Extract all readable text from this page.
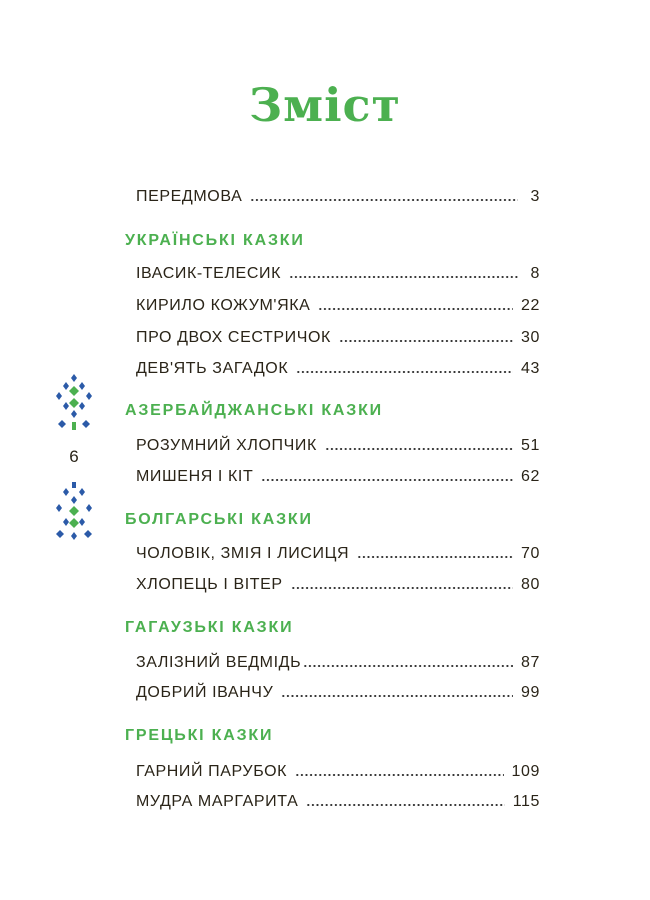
Зміст
ПЕРЕДМОВА	3
УКРАЇНСЬКІ КАЗКИ
ІВАСИК-ТЕЛЕСИК	8
КИРИЛО КОЖУМ'ЯКА	22
ПРО ДВОХ СЕСТРИЧОК	30
ДЕВ'ЯТЬ ЗАГАДОК	43
АЗЕРБАЙДЖАНСЬКІ КАЗКИ
РОЗУМНИЙ ХЛОПЧИК	51
МИШЕНЯ І КІТ	62
БОЛГАРСЬКІ КАЗКИ
ЧОЛОВІК, ЗМІЯ І ЛИСИЦЯ	70
ХЛОПЕЦЬ І ВІТЕР	80
ГАГАУЗЬКІ КАЗКИ
ЗАЛІЗНИЙ ВЕДМІДЬ	87
ДОБРИЙ ІВАНЧУ	99
ГРЕЦЬКІ КАЗКИ
ГАРНИЙ ПАРУБОК	109
МУДРА МАРГАРИТА	115
6
